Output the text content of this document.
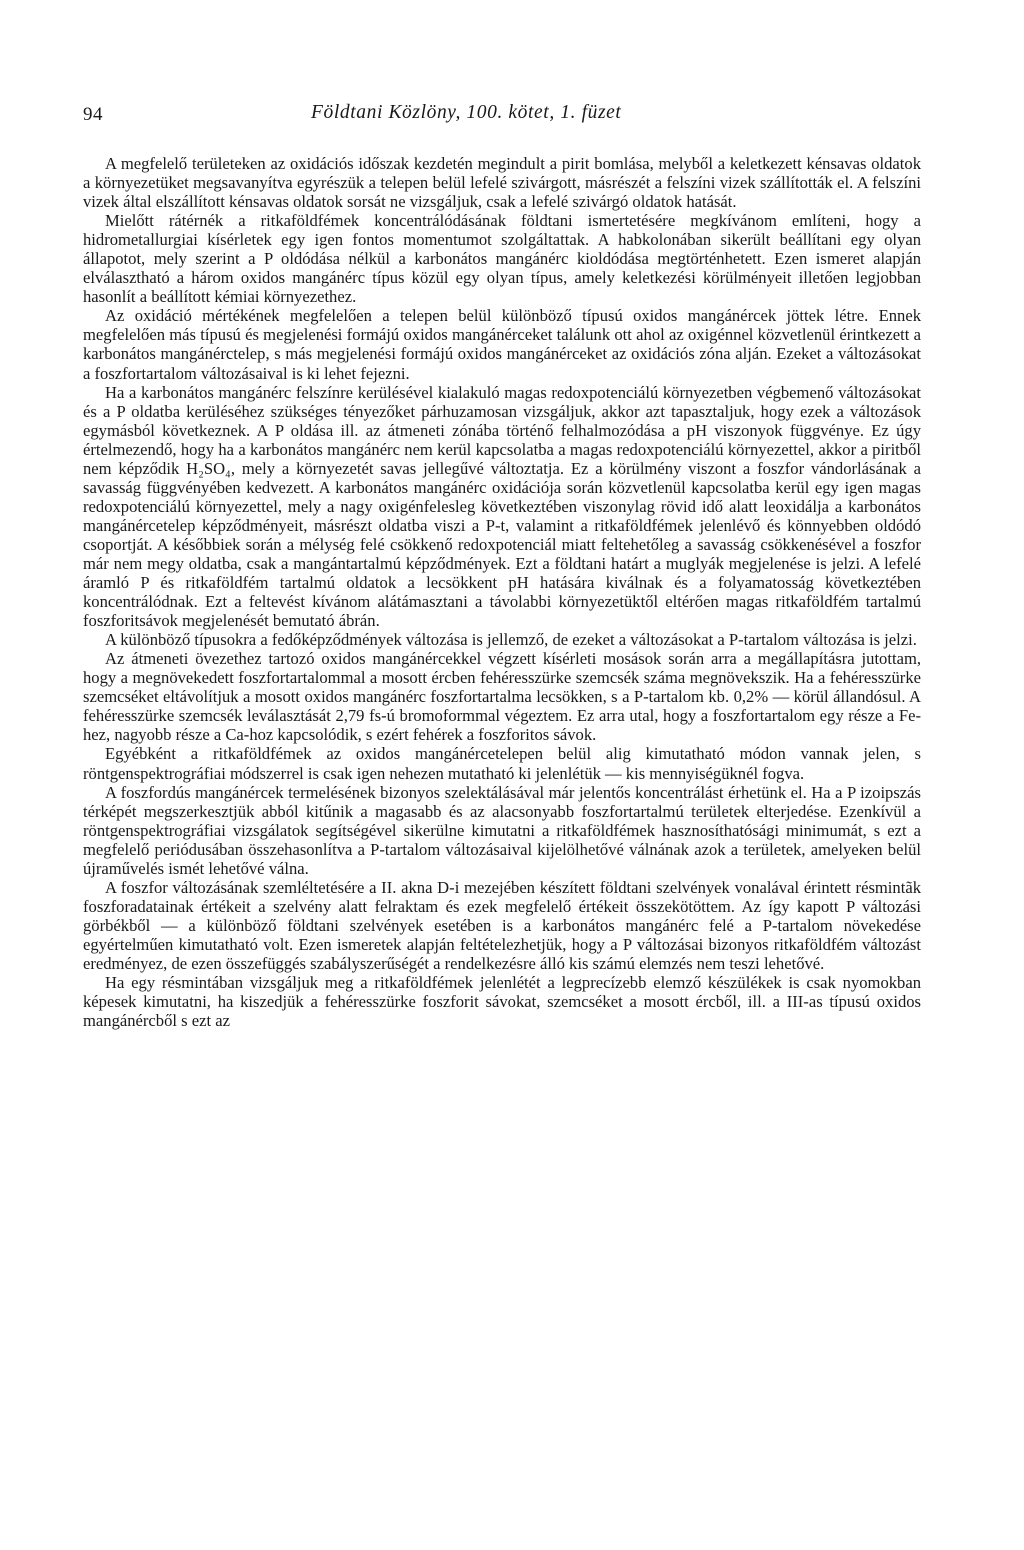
94	Földtani Közlöny, 100. kötet, 1. füzet

A megfelelő területeken az oxidációs időszak kezdetén megindult a pirit bomlása, melyből a keletkezett kénsavas oldatok a környezetüket megsavanyítva egyrészük a telepen belül lefelé szivárgott, másrészét a felszíni vizek szállították el. A felszíni vizek által elszállított kénsavas oldatok sorsát ne vizsgáljuk, csak a lefelé szivárgó oldatok hatását.

Mielőtt rátérnék a ritkaföldfémek koncentrálódásának földtani ismertetésére megkívánom említeni, hogy a hidrometallurgiai kísérletek egy igen fontos momentumot szolgáltattak. A habkolonában sikerült beállítani egy olyan állapotot, mely szerint a P oldódása nélkül a karbonátos mangánérc kioldódása megtörténhetett. Ezen ismeret alapján elválasztható a három oxidos mangánérc típus közül egy olyan típus, amely keletkezési körülményeit illetően legjobban hasonlít a beállított kémiai környezethez.

Az oxidáció mértékének megfelelően a telepen belül különböző típusú oxidos mangánércek jöttek létre. Ennek megfelelően más típusú és megjelenési formájú oxidos mangánérceket találunk ott ahol az oxigénnel közvetlenül érintkezett a karbonátos mangánérctelep, s más megjelenési formájú oxidos mangánérceket az oxidációs zóna alján. Ezeket a változásokat a foszfortartalom változásaival is ki lehet fejezni.

Ha a karbonátos mangánérc felszínre kerülésével kialakuló magas redoxpotenciálú környezetben végbemenő változásokat és a P oldatba kerüléséhez szükséges tényezőket párhuzamosan vizsgáljuk, akkor azt tapasztaljuk, hogy ezek a változások egymásból következnek. A P oldása ill. az átmeneti zónába történő felhalmozódása a pH viszonyok függvénye. Ez úgy értelmezendő, hogy ha a karbonátos mangánérc nem kerül kapcsolatba a magas redoxpotenciálú környezettel, akkor a piritből nem képződik H₂SO₄, mely a környezetét savas jellegűvé változtatja. Ez a körülmény viszont a foszfor vándorlásának a savasság függvényében kedvezett. A karbonátos mangánérc oxidációja során közvetlenül kapcsolatba kerül egy igen magas redoxpotenciálú környezettel, mely a nagy oxigénfelesleg következtében viszonylag rövid idő alatt leoxidálja a karbonátos mangánércetelep képződményeit, másrészt oldatba viszi a P-t, valamint a ritkaföldfémek jelenlévő és könnyebben oldódó csoportját. A későbbiek során a mélység felé csökkenő redoxpotenciál miatt feltehetőleg a savasság csökkenésével a foszfor már nem megy oldatba, csak a mangántartalmú képződmények. Ezt a földtani határt a muglyák megjelenése is jelzi. A lefelé áramló P és ritkaföldfém tartalmú oldatok a lecsökkent pH hatására kiválnak és a folyamatosság következtében koncentrálódnak. Ezt a feltevést kívánom alátámasztani a távolabbi környezetüktől eltérően magas ritkaföldfém tartalmú foszforitsávok megjelenését bemutató ábrán.

A különböző típusokra a fedőképződmények változása is jellemző, de ezeket a változásokat a P-tartalom változása is jelzi.

Az átmeneti övezethez tartozó oxidos mangánércekkel végzett kísérleti mosások során arra a megállapításra jutottam, hogy a megnövekedett foszfortartalommal a mosott ércben fehéresszürke szemcsék száma megnövekszik. Ha a fehéresszürke szemcséket eltávolítjuk a mosott oxidos mangánérc foszfortartalma lecsökken, s a P-tartalom kb. 0,2% — körül állandósul. A fehéresszürke szemcsék leválasztását 2,79 fs-ú bromoformmal végeztem. Ez arra utal, hogy a foszfortartalom egy része a Fe-hez, nagyobb része a Ca-hoz kapcsolódik, s ezért fehérek a foszforitos sávok.

Egyébként a ritkaföldfémek az oxidos mangánércetelepen belül alig kimutatható módon vannak jelen, s röntgenspektrográfiai módszerrel is csak igen nehezen mutatható ki jelenlétük — kis mennyiségüknél fogva.

A foszfordús mangánércek termelésének bizonyos szelektálásával már jelentős koncentrálást érhetünk el. Ha a P izoipszás térképét megszerkesztjük abból kitűnik a magasabb és az alacsonyabb foszfortartalmú területek elterjedése. Ezenkívül a röntgenspektrográfiai vizsgálatok segítségével sikerülne kimutatni a ritkaföldfémek hasznosíthatósági minimumát, s ezt a megfelelő periódusában összehasonlítva a P-tartalom változásaival kijelölhetővé válnának azok a területek, amelyeken belül újraművelés ismét lehetővé válna.

A foszfor változásának szemléltetésére a II. akna D-i mezejében készített földtani szelvények vonalával érintett résmintãk foszforadatainak értékeit a szelvény alatt felraktam és ezek megfelelő értékeit összekötöttem. Az így kapott P változási görbékből — a különböző földtani szelvények esetében is a karbonátos mangánérc felé a P-tartalom növekedése egyértelműen kimutatható volt. Ezen ismeretek alapján feltételezhetjük, hogy a P változásai bizonyos ritkaföldfém változást eredményez, de ezen összefüggés szabályszerűségét a rendelkezésre álló kis számú elemzés nem teszi lehetővé.

Ha egy résmintában vizsgáljuk meg a ritkaföldfémek jelenlétét a legprecízebb elemző készülékek is csak nyomokban képesek kimutatni, ha kiszedjük a fehéresszürke foszforit sávokat, szemcséket a mosott ércből, ill. a III-as típusú oxidos mangánércből s ezt az
